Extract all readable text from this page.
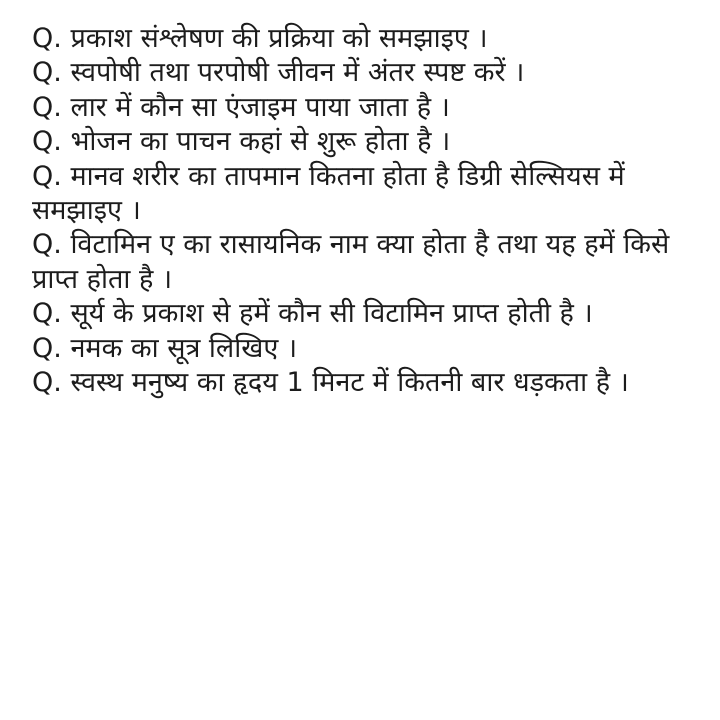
Q. प्रकाश संश्लेषण की प्रक्रिया को समझाइए ।

Q. स्वपोषी तथा परपोषी जीवन में अंतर स्पष्ट करें ।

Q. लार में कौन सा एंजाइम पाया जाता है ।

Q. भोजन का पाचन कहां से शुरू होता है ।

Q. मानव शरीर का तापमान कितना होता है डिग्री सेल्सियस में समझाइए ।

Q. विटामिन ए का रासायनिक नाम क्या होता है तथा यह हमें किसे प्राप्त होता है ।

Q. सूर्य के प्रकाश से हमें कौन सी विटामिन प्राप्त होती है ।

Q. नमक का सूत्र लिखिए ।

Q. स्वस्थ मनुष्य का हृदय 1 मिनट में कितनी बार धड़कता है ।
